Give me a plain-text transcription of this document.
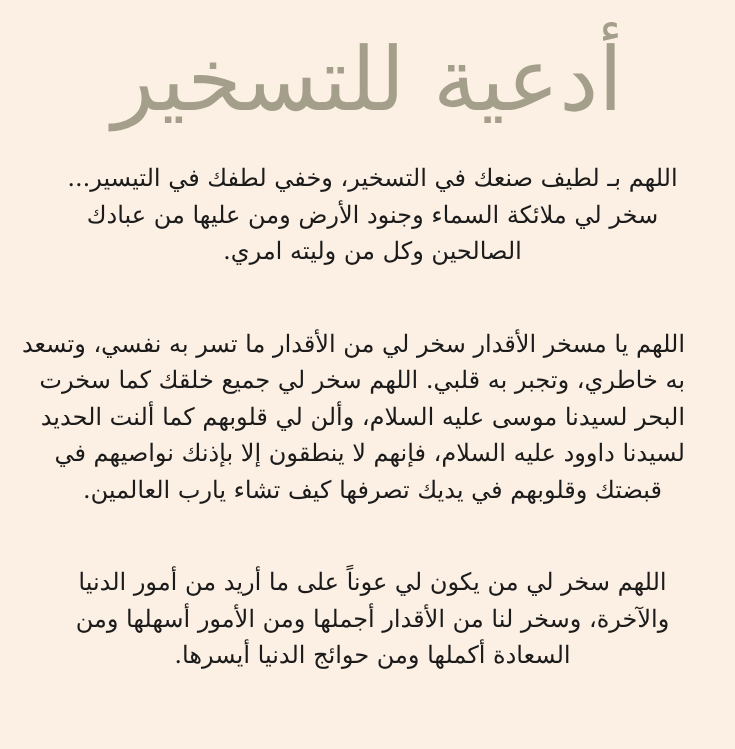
أدعية للتسخير

اللهم بـ لطيف صنعك في التسخير، وخفي لطفك في التيسير...
سخر لي ملائكة السماء وجنود الأرض ومن عليها من عبادك
الصالحين وكل من وليته امري.

اللهم يا مسخر الأقدار سخر لي من الأقدار ما تسر به نفسي، وتسعد
به خاطري، وتجبر به قلبي. اللهم سخر لي جميع خلقك كما سخرت
البحر لسيدنا موسى عليه السلام، وألن لي قلوبهم كما ألنت الحديد
لسيدنا داوود عليه السلام، فإنهم لا ينطقون إلا بإذنك نواصيهم في
قبضتك وقلوبهم في يديك تصرفها كيف تشاء يارب العالمين.

اللهم سخر لي من يكون لي عوناً على ما أريد من أمور الدنيا
والآخرة، وسخر لنا من الأقدار أجملها ومن الأمور أسهلها ومن
السعادة أكملها ومن حوائج الدنيا أيسرها.
